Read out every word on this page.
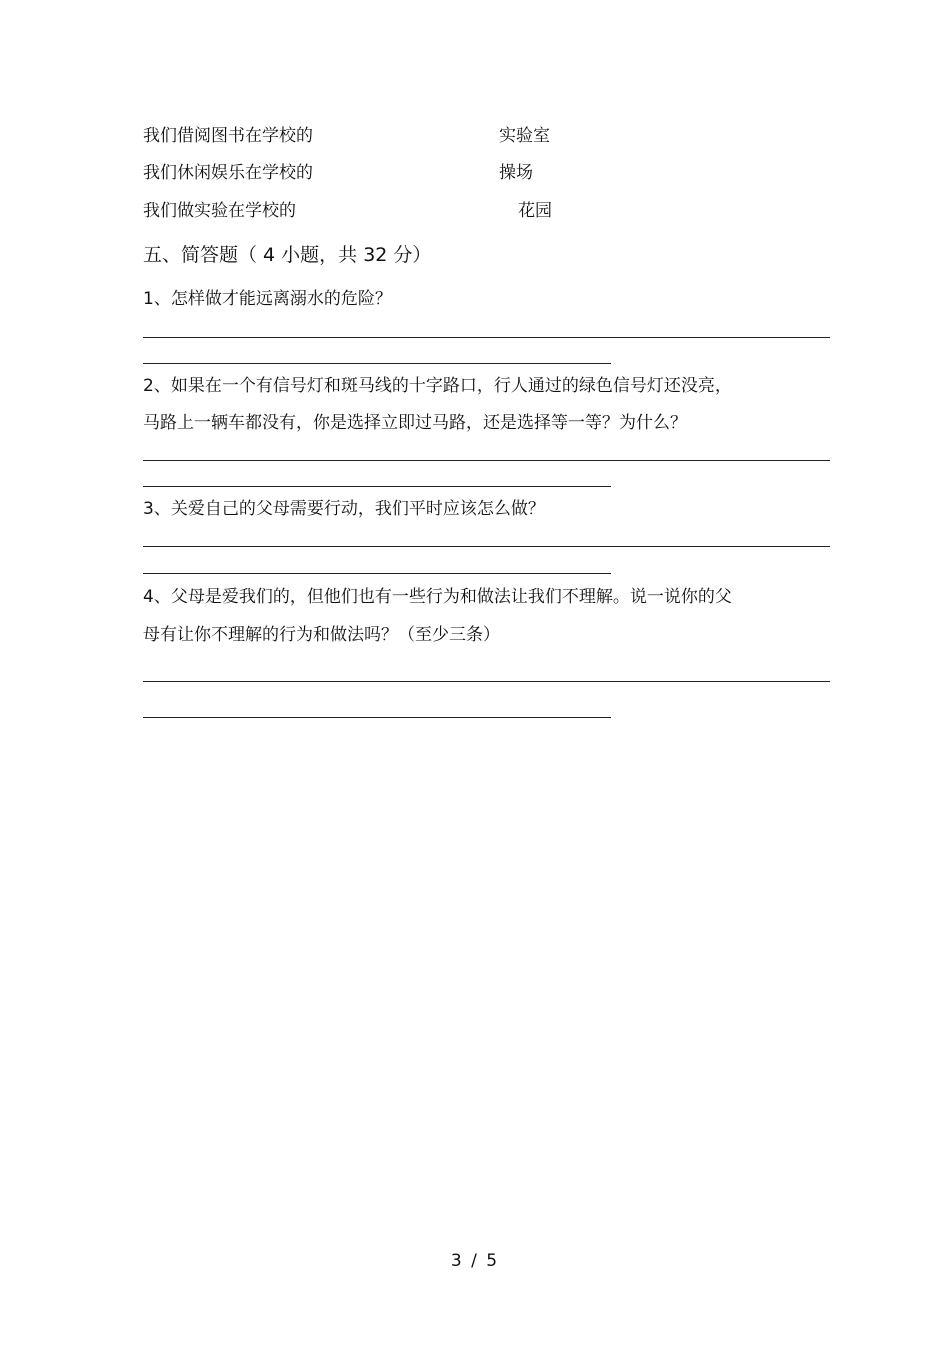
我们借阅图书在学校的	实验室
我们休闲娱乐在学校的	操场
我们做实验在学校的	花园
五、简答题（ 4 小题，共 32 分）
1、怎样做才能远离溺水的危险？
2、如果在一个有信号灯和斑马线的十字路口，行人通过的绿色信号灯还没亮，
马路上一辆车都没有，你是选择立即过马路，还是选择等一等？为什么？
3、关爱自己的父母需要行动，我们平时应该怎么做？
4、父母是爱我们的，但他们也有一些行为和做法让我们不理解。说一说你的父
母有让你不理解的行为和做法吗？（至少三条）
3 / 5
